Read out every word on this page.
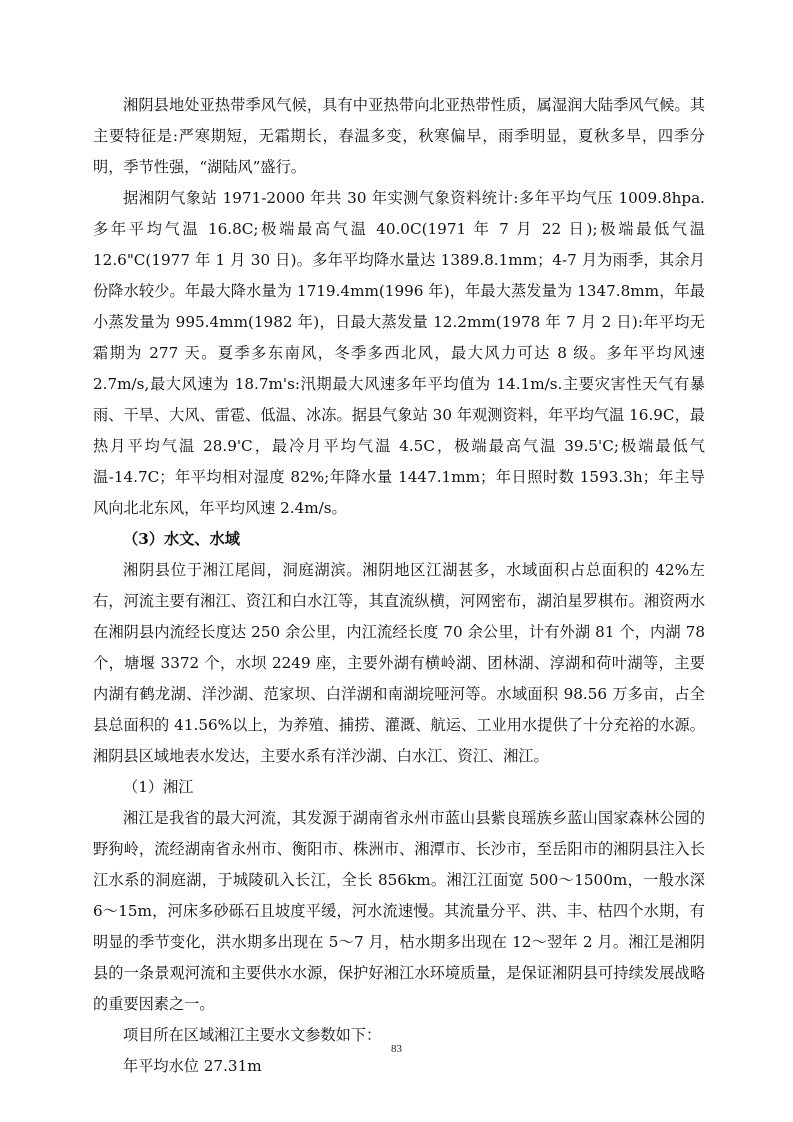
湘阴县地处亚热带季风气候，具有中亚热带向北亚热带性质，属湿润大陆季风气候。其主要特征是:严寒期短，无霜期长，春温多变，秋寒偏早，雨季明显，夏秋多旱，四季分明，季节性强，“湖陆风”盛行。

据湘阴气象站 1971-2000 年共 30 年实测气象资料统计:多年平均气压 1009.8hpa.多年平均气温 16.8C;极端最高气温 40.0C(1971 年 7 月 22 日);极端最低气温 12.6"C(1977 年 1 月 30 日)。多年平均降水量达 1389.8.1mm；4-7 月为雨季，其余月份降水较少。年最大降水量为 1719.4mm(1996 年)，年最大蒸发量为 1347.8mm，年最小蒸发量为 995.4mm(1982 年)，日最大蒸发量 12.2mm(1978 年 7 月 2 日):年平均无霜期为 277 天。夏季多东南风，冬季多西北风，最大风力可达 8 级。多年平均风速 2.7m/s,最大风速为 18.7m's:汛期最大风速多年平均值为 14.1m/s.主要灾害性天气有暴雨、干旱、大风、雷雹、低温、冰冻。据县气象站 30 年观测资料，年平均气温 16.9C，最热月平均气温 28.9'C，最冷月平均气温 4.5C，极端最高气温 39.5'C;极端最低气温-14.7C；年平均相对湿度 82%;年降水量 1447.1mm；年日照时数 1593.3h；年主导风向北北东风，年平均风速 2.4m/s。

（3）水文、水域

湘阴县位于湘江尾闾，洞庭湖滨。湘阴地区江湖甚多，水域面积占总面积的 42%左右，河流主要有湘江、资江和白水江等，其直流纵横，河网密布，湖泊星罗棋布。湘资两水在湘阴县内流经长度达 250 余公里，内江流经长度 70 余公里，计有外湖 81 个，内湖 78 个，塘堰 3372 个，水坝 2249 座，主要外湖有横岭湖、团林湖、淳湖和荷叶湖等，主要内湖有鹤龙湖、洋沙湖、范家坝、白洋湖和南湖垸哑河等。水域面积 98.56 万多亩，占全县总面积的 41.56%以上，为养殖、捕捞、灌溉、航运、工业用水提供了十分充裕的水源。湘阴县区域地表水发达，主要水系有洋沙湖、白水江、资江、湘江。

（1）湘江

湘江是我省的最大河流，其发源于湖南省永州市蓝山县紫良瑶族乡蓝山国家森林公园的野狗岭，流经湖南省永州市、衡阳市、株洲市、湘潭市、长沙市，至岳阳市的湘阴县注入长江水系的洞庭湖，于城陵矶入长江，全长 856km。湘江江面宽 500～1500m，一般水深 6～15m，河床多砂砾石且坡度平缓，河水流速慢。其流量分平、洪、丰、枯四个水期，有明显的季节变化，洪水期多出现在 5～7 月，枯水期多出现在 12～翌年 2 月。湘江是湘阴县的一条景观河流和主要供水水源，保护好湘江水环境质量，是保证湘阴县可持续发展战略的重要因素之一。

项目所在区域湘江主要水文参数如下：

年平均水位 27.31m

83
